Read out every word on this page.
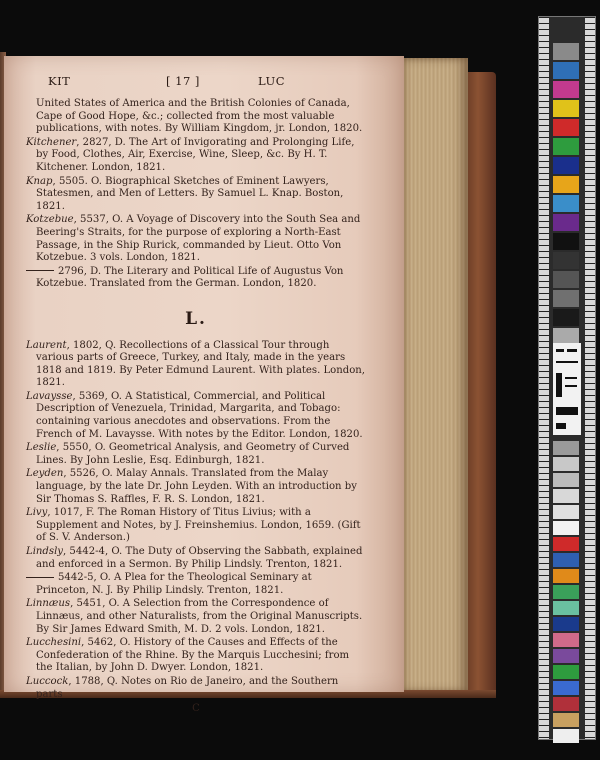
KIT	[ 17 ]	LUC
United States of America and the British Colonies of Canada, Cape of Good Hope, &c.; collected from the most valuable publications, with notes. By William Kingdom, jr. London, 1820.
Kitchener, 2827, D. The Art of Invigorating and Prolonging Life, by Food, Clothes, Air, Exercise, Wine, Sleep, &c. By H. T. Kitchener. London, 1821.
Knap, 5505. O. Biographical Sketches of Eminent Lawyers, Statesmen, and Men of Letters. By Samuel L. Knap. Boston, 1821.
Kotzebue, 5537, O. A Voyage of Discovery into the South Sea and Beering's Straits, for the purpose of exploring a North-East Passage, in the Ship Rurick, commanded by Lieut. Otto Von Kotzebue. 3 vols. London, 1821.
2796, D. The Literary and Political Life of Augustus Von Kotzebue. Translated from the German. London, 1820.
L.
Laurent, 1802, Q. Recollections of a Classical Tour through various parts of Greece, Turkey, and Italy, made in the years 1818 and 1819. By Peter Edmund Laurent. With plates. London, 1821.
Lavaysse, 5369, O. A Statistical, Commercial, and Political Description of Venezuela, Trinidad, Margarita, and Tobago: containing various anecdotes and observations. From the French of M. Lavaysse. With notes by the Editor. London, 1820.
Leslie, 5550, O. Geometrical Analysis, and Geometry of Curved Lines. By John Leslie, Esq. Edinburgh, 1821.
Leyden, 5526, O. Malay Annals. Translated from the Malay language, by the late Dr. John Leyden. With an introduction by Sir Thomas S. Raffles, F. R. S. London, 1821.
Livy, 1017, F. The Roman History of Titus Livius; with a Supplement and Notes, by J. Freinshemius. London, 1659. (Gift of S. V. Anderson.)
Lindsly, 5442-4, O. The Duty of Observing the Sabbath, explained and enforced in a Sermon. By Philip Lindsly. Trenton, 1821.
5442-5, O. A Plea for the Theological Seminary at Princeton, N. J. By Philip Lindsly. Trenton, 1821.
Linnæus, 5451, O. A Selection from the Correspondence of Linnæus, and other Naturalists, from the Original Manuscripts. By Sir James Edward Smith, M. D. 2 vols. London, 1821.
Lucchesini, 5462, O. History of the Causes and Effects of the Confederation of the Rhine. By the Marquis Lucchesini; from the Italian, by John D. Dwyer. London, 1821.
Luccock, 1788, Q. Notes on Rio de Janeiro, and the Southern parts
C
